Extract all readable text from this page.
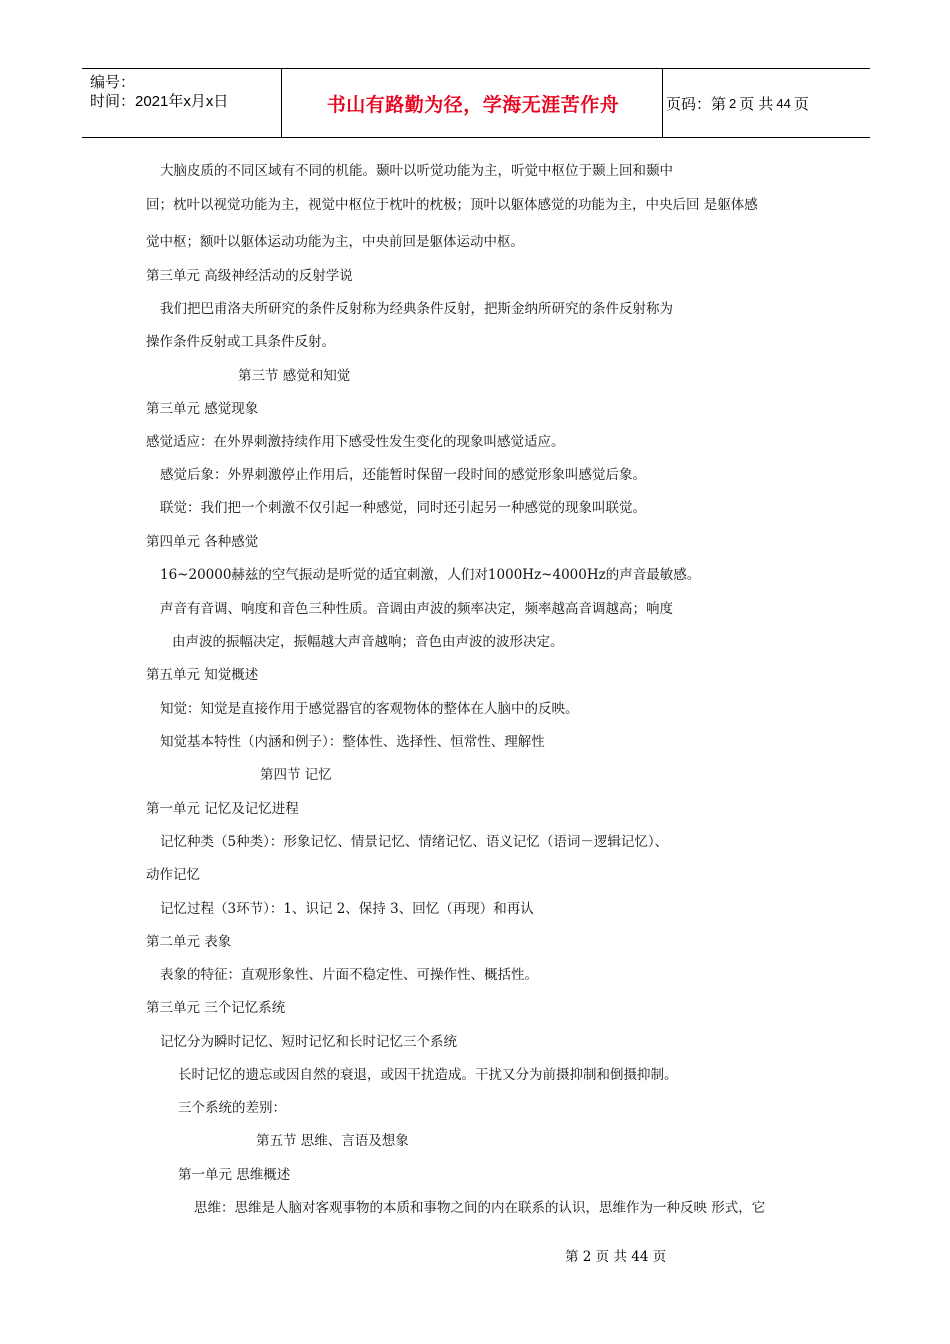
编号：
时间：2021年x月x日	书山有路勤为径，学海无涯苦作舟	页码：第 2 页 共 44 页
大脑皮质的不同区域有不同的机能。颞叶以听觉功能为主，听觉中枢位于颞上回和颞中
回；枕叶以视觉功能为主，视觉中枢位于枕叶的枕极；顶叶以躯体感觉的功能为主，中央后回 是躯体感
觉中枢；额叶以躯体运动功能为主，中央前回是躯体运动中枢。
第三单元 高级神经活动的反射学说
我们把巴甫洛夫所研究的条件反射称为经典条件反射，把斯金纳所研究的条件反射称为
操作条件反射或工具条件反射。
第三节 感觉和知觉
第三单元 感觉现象
感觉适应：在外界刺激持续作用下感受性发生变化的现象叫感觉适应。
感觉后象：外界刺激停止作用后，还能暂时保留一段时间的感觉形象叫感觉后象。
联觉：我们把一个刺激不仅引起一种感觉，同时还引起另一种感觉的现象叫联觉。
第四单元 各种感觉
16~20000赫兹的空气振动是听觉的适宜刺激，人们对1000Hz~4000Hz的声音最敏感。
声音有音调、响度和音色三种性质。音调由声波的频率决定，频率越高音调越高；响度
由声波的振幅决定，振幅越大声音越响；音色由声波的波形决定。
第五单元 知觉概述
知觉：知觉是直接作用于感觉器官的客观物体的整体在人脑中的反映。
知觉基本特性（内涵和例子）：整体性、选择性、恒常性、理解性
第四节 记忆
第一单元 记忆及记忆进程
记忆种类（5种类）：形象记忆、情景记忆、情绪记忆、语义记忆（语词－逻辑记忆）、
动作记忆
记忆过程（3环节）：1、识记 2、保持 3、回忆（再现）和再认
第二单元 表象
表象的特征：直观形象性、片面不稳定性、可操作性、概括性。
第三单元 三个记忆系统
记忆分为瞬时记忆、短时记忆和长时记忆三个系统
长时记忆的遗忘或因自然的衰退，或因干扰造成。干扰又分为前摄抑制和倒摄抑制。
三个系统的差别：
第五节 思维、言语及想象
第一单元 思维概述
思维：思维是人脑对客观事物的本质和事物之间的内在联系的认识，思维作为一种反映 形式，它
第 2 页 共 44 页
